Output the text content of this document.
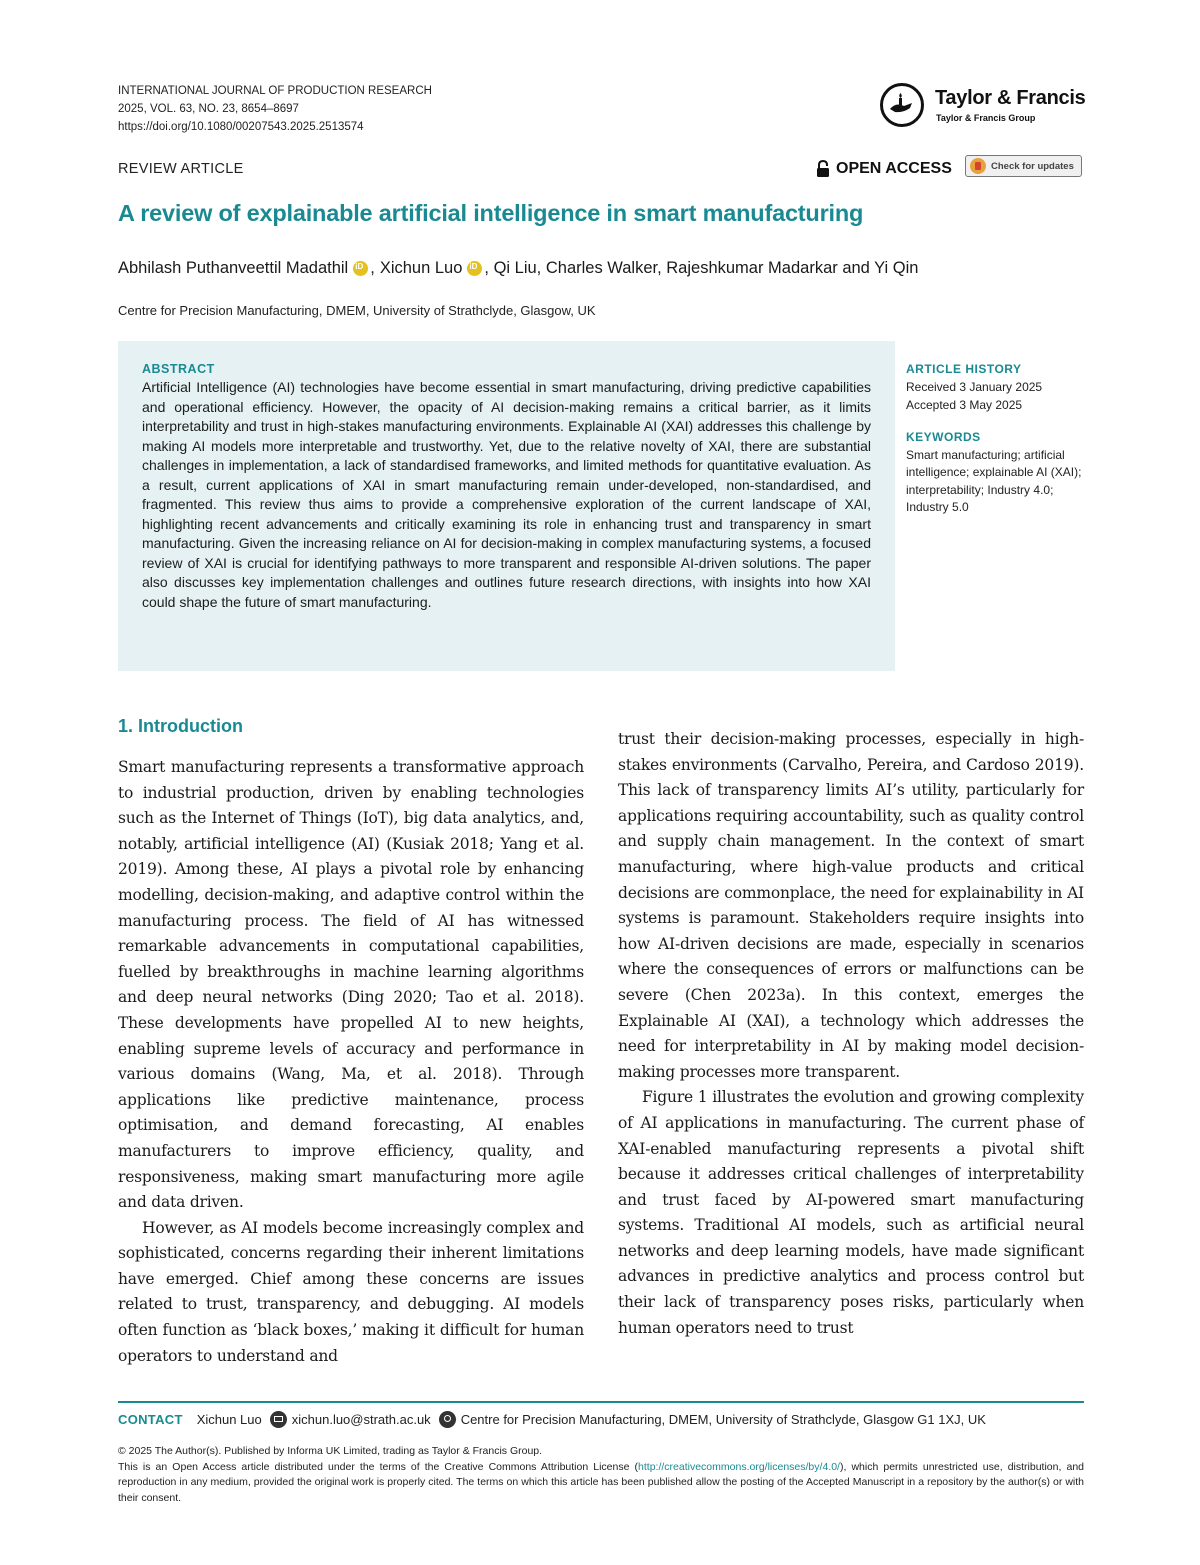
INTERNATIONAL JOURNAL OF PRODUCTION RESEARCH
2025, VOL. 63, NO. 23, 8654–8697
https://doi.org/10.1080/00207543.2025.2513574
Taylor & Francis
Taylor & Francis Group
REVIEW ARTICLE	OPEN ACCESS	Check for updates
A review of explainable artificial intelligence in smart manufacturing
Abhilash Puthanveettil Madathil iD , Xichun Luo iD , Qi Liu, Charles Walker, Rajeshkumar Madarkar and Yi Qin
Centre for Precision Manufacturing, DMEM, University of Strathclyde, Glasgow, UK
ABSTRACT
Artificial Intelligence (AI) technologies have become essential in smart manufacturing, driving predictive capabilities and operational efficiency. However, the opacity of AI decision-making remains a critical barrier, as it limits interpretability and trust in high-stakes manufacturing environments. Explainable AI (XAI) addresses this challenge by making AI models more interpretable and trustworthy. Yet, due to the relative novelty of XAI, there are substantial challenges in implementation, a lack of standardised frameworks, and limited methods for quantitative evaluation. As a result, current applications of XAI in smart manufacturing remain under-developed, non-standardised, and fragmented. This review thus aims to provide a comprehensive exploration of the current landscape of XAI, highlighting recent advancements and critically examining its role in enhancing trust and transparency in smart manufacturing. Given the increasing reliance on AI for decision-making in complex manufacturing systems, a focused review of XAI is crucial for identifying pathways to more transparent and responsible AI-driven solutions. The paper also discusses key implementation challenges and outlines future research directions, with insights into how XAI could shape the future of smart manufacturing.
ARTICLE HISTORY
Received 3 January 2025
Accepted 3 May 2025
KEYWORDS
Smart manufacturing; artificial intelligence; explainable AI (XAI); interpretability; Industry 4.0; Industry 5.0
1. Introduction

Smart manufacturing represents a transformative approach to industrial production, driven by enabling technologies such as the Internet of Things (IoT), big data analytics, and, notably, artificial intelligence (AI) (Kusiak 2018; Yang et al. 2019). Among these, AI plays a pivotal role by enhancing modelling, decision-making, and adaptive control within the manufacturing process. The field of AI has witnessed remarkable advancements in computational capabilities, fuelled by breakthroughs in machine learning algorithms and deep neural networks (Ding 2020; Tao et al. 2018). These developments have propelled AI to new heights, enabling supreme levels of accuracy and performance in various domains (Wang, Ma, et al. 2018). Through applications like predictive maintenance, process optimisation, and demand forecasting, AI enables manufacturers to improve efficiency, quality, and responsiveness, making smart manufacturing more agile and data driven.

However, as AI models become increasingly complex and sophisticated, concerns regarding their inherent limitations have emerged. Chief among these concerns are issues related to trust, transparency, and debugging. AI models often function as ‘black boxes,’ making it difficult for human operators to understand and

trust their decision-making processes, especially in high-stakes environments (Carvalho, Pereira, and Cardoso 2019). This lack of transparency limits AI’s utility, particularly for applications requiring accountability, such as quality control and supply chain management. In the context of smart manufacturing, where high-value products and critical decisions are commonplace, the need for explainability in AI systems is paramount. Stakeholders require insights into how AI-driven decisions are made, especially in scenarios where the consequences of errors or malfunctions can be severe (Chen 2023a). In this context, emerges the Explainable AI (XAI), a technology which addresses the need for interpretability in AI by making model decision-making processes more transparent.

Figure 1 illustrates the evolution and growing complexity of AI applications in manufacturing. The current phase of XAI-enabled manufacturing represents a pivotal shift because it addresses critical challenges of interpretability and trust faced by AI-powered smart manufacturing systems. Traditional AI models, such as artificial neural networks and deep learning models, have made significant advances in predictive analytics and process control but their lack of transparency poses risks, particularly when human operators need to trust

CONTACT Xichun Luo xichun.luo@strath.ac.uk Centre for Precision Manufacturing, DMEM, University of Strathclyde, Glasgow G1 1XJ, UK
© 2025 The Author(s). Published by Informa UK Limited, trading as Taylor & Francis Group.
This is an Open Access article distributed under the terms of the Creative Commons Attribution License (http://creativecommons.org/licenses/by/4.0/), which permits unrestricted use, distribution, and reproduction in any medium, provided the original work is properly cited. The terms on which this article has been published allow the posting of the Accepted Manuscript in a repository by the author(s) or with their consent.
